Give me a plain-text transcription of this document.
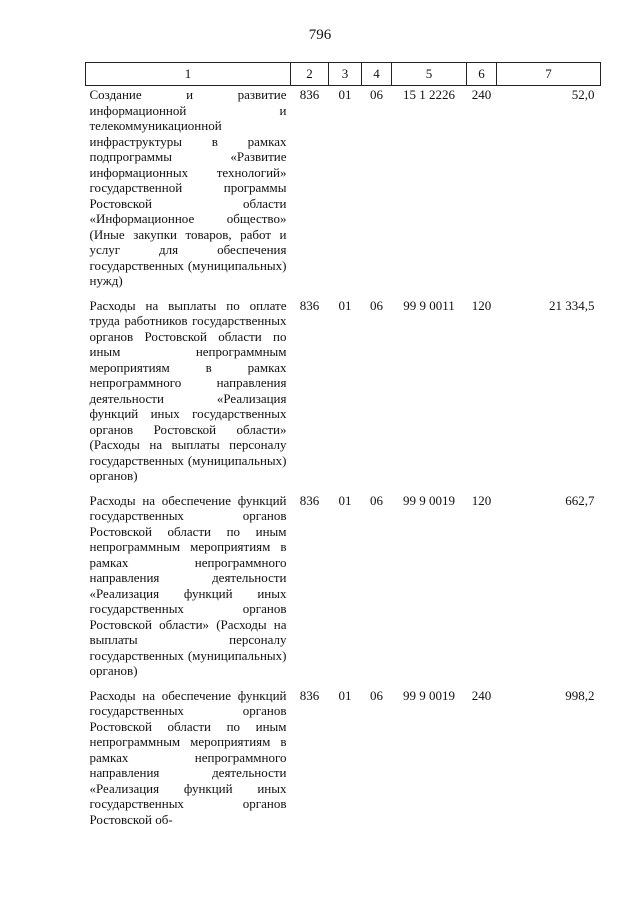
796
1	2	3	4	5	6	7
Создание и развитие информационной и телекоммуникационной инфраструктуры в рамках подпрограммы «Развитие информационных технологий» государственной программы Ростовской области «Информационное общество» (Иные закупки товаров, работ и услуг для обеспечения государственных (муниципальных) нужд)	836	01	06	15 1 2226	240	52,0
Расходы на выплаты по оплате труда работников государственных органов Ростовской области по иным непрограммным мероприятиям в рамках непрограммного направления деятельности «Реализация функций иных государственных органов Ростовской области» (Расходы на выплаты персоналу государственных (муниципальных) органов)	836	01	06	99 9 0011	120	21 334,5
Расходы на обеспечение функций государственных органов Ростовской области по иным непрограммным мероприятиям в рамках непрограммного направления деятельности «Реализация функций иных государственных органов Ростовской области» (Расходы на выплаты персоналу государственных (муниципальных) органов)	836	01	06	99 9 0019	120	662,7
Расходы на обеспечение функций государственных органов Ростовской области по иным непрограммным мероприятиям в рамках непрограммного направления деятельности «Реализация функций иных государственных органов Ростовской об-	836	01	06	99 9 0019	240	998,2
